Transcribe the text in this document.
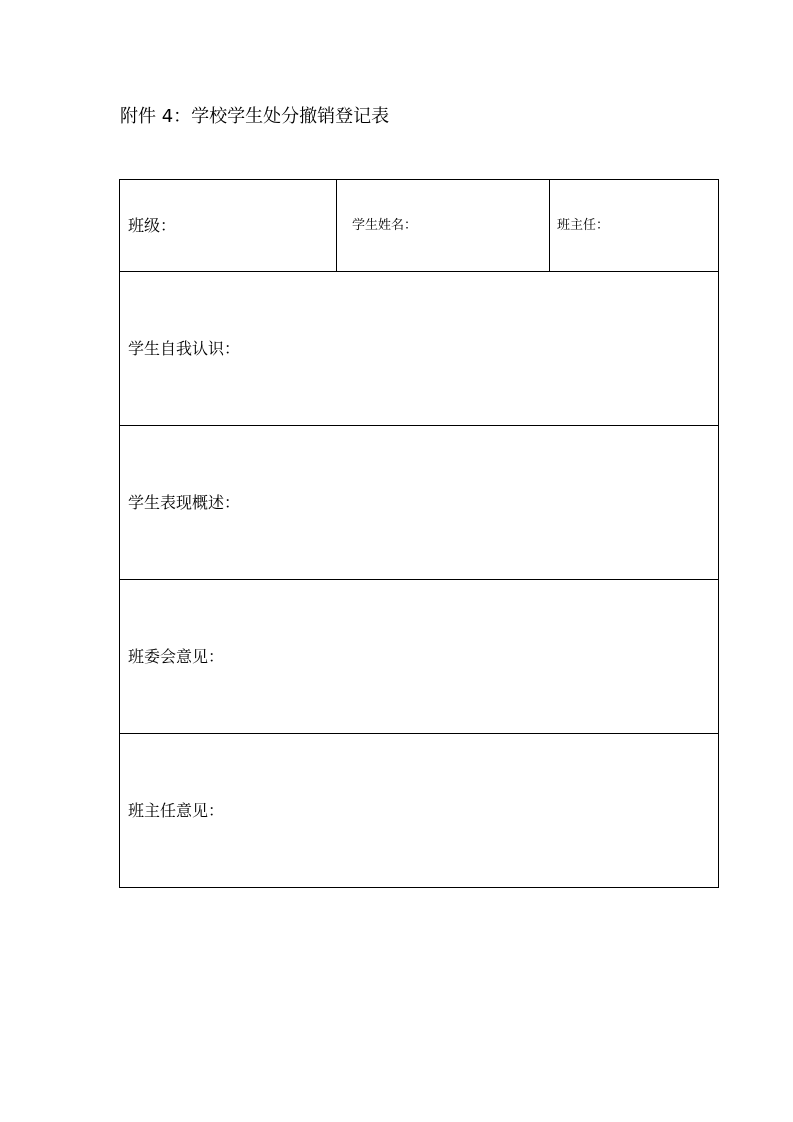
附件 4：学校学生处分撤销登记表
班级：	学生姓名：	班主任：

学生自我认识：

学生表现概述：

班委会意见：

班主任意见：
